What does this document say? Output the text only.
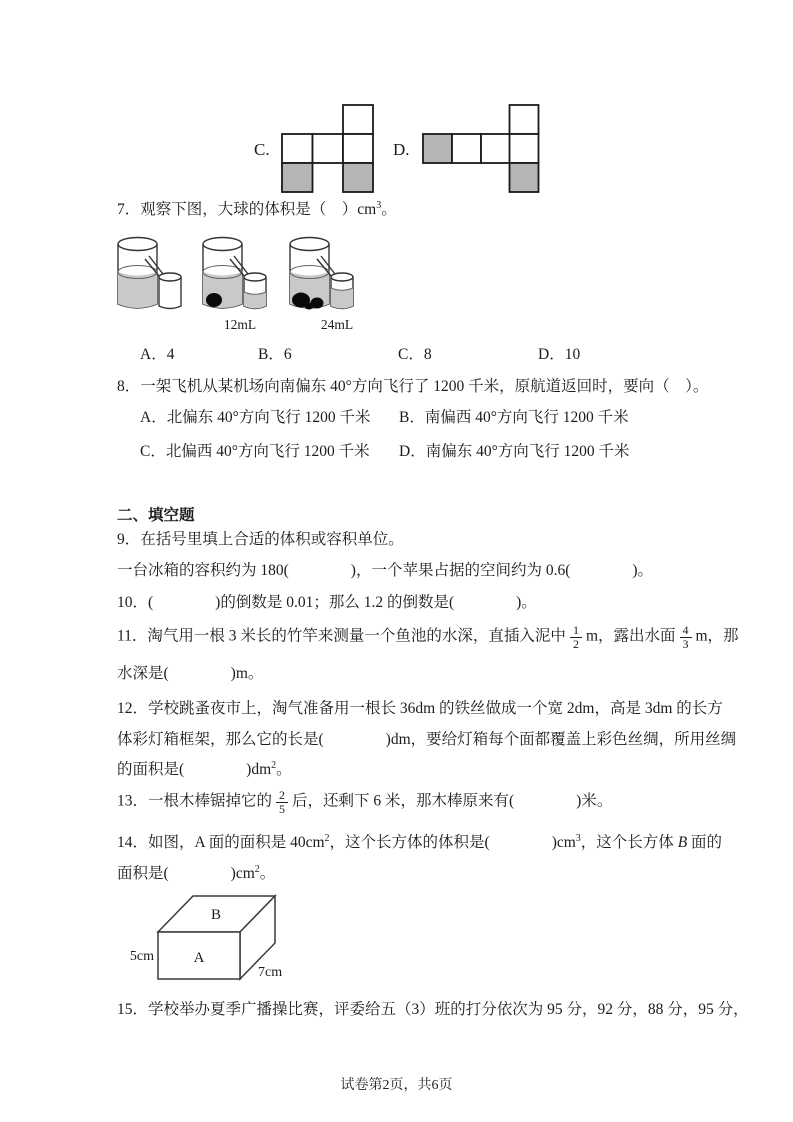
C.	D.
7．观察下图，大球的体积是（　）$cm^3$。
12mL	24mL
A．4	B．6	C．8	D．10
8．一架飞机从某机场向南偏东 40°方向飞行了 1200 千米，原航道返回时，要向（　）。
A．北偏东 40°方向飞行 1200 千米 B．南偏西 40°方向飞行 1200 千米
C．北偏西 40°方向飞行 1200 千米 D．南偏东 40°方向飞行 1200 千米
二、填空题
9．在括号里填上合适的体积或容积单位。
一台冰箱的容积约为 180(　　　　)，一个苹果占据的空间约为 0.6(　　　　)。
10．(　　　　)的倒数是 0.01；那么 1.2 的倒数是(　　　　)。
11．淘气用一根 3 米长的竹竿来测量一个鱼池的水深，直插入泥中 $\frac{1}{2}$ m，露出水面 $\frac{4}{3}$ m，那
水深是(　　　　)m。
12．学校跳蚤夜市上，淘气准备用一根长 36dm 的铁丝做成一个宽 2dm，高是 3dm 的长方
体彩灯箱框架，那么它的长是(　　　　)dm，要给灯箱每个面都覆盖上彩色丝绸，所用丝绸
的面积是(　　　　)$dm^2$。
13．一根木棒锯掉它的 $\frac{2}{5}$ 后，还剩下 6 米，那木棒原来有(　　　　)米。
14．如图，A 面的面积是 $40cm^2$，这个长方体的体积是(　　　　)$cm^3$，这个长方体 B 面的
面积是(　　　　)$cm^2$。
B
A
5cm
7cm
15．学校举办夏季广播操比赛，评委给五（3）班的打分依次为 95 分，92 分，88 分，95 分，
试卷第2页，共6页
